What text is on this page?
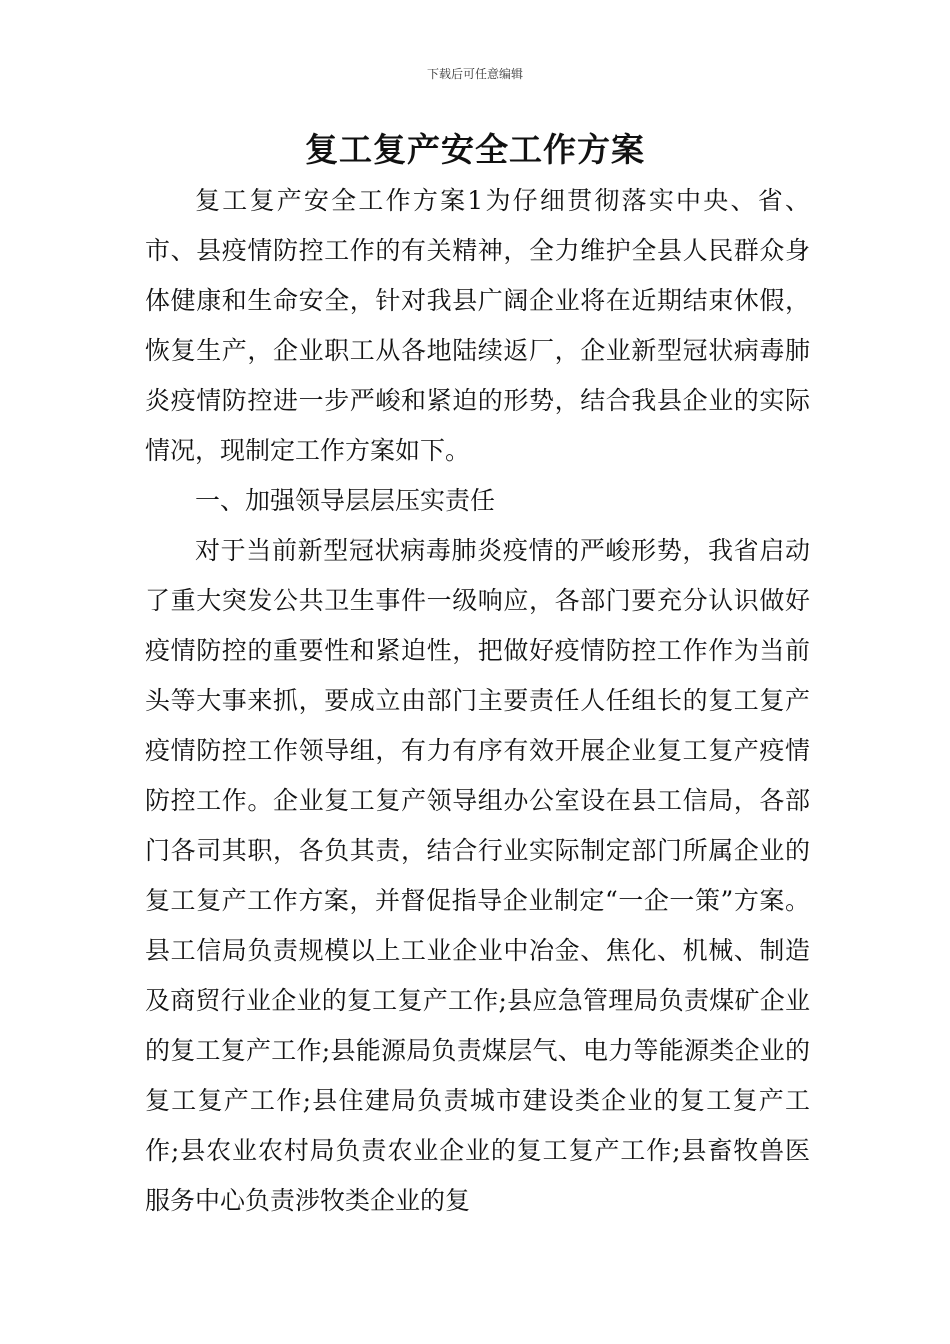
下载后可任意编辑
复工复产安全工作方案

复工复产安全工作方案1为仔细贯彻落实中央、省、市、县疫情防控工作的有关精神，全力维护全县人民群众身体健康和生命安全，针对我县广阔企业将在近期结束休假，恢复生产，企业职工从各地陆续返厂，企业新型冠状病毒肺炎疫情防控进一步严峻和紧迫的形势，结合我县企业的实际情况，现制定工作方案如下。

一、加强领导层层压实责任

对于当前新型冠状病毒肺炎疫情的严峻形势，我省启动了重大突发公共卫生事件一级响应，各部门要充分认识做好疫情防控的重要性和紧迫性，把做好疫情防控工作作为当前头等大事来抓，要成立由部门主要责任人任组长的复工复产疫情防控工作领导组，有力有序有效开展企业复工复产疫情防控工作。企业复工复产领导组办公室设在县工信局，各部门各司其职，各负其责，结合行业实际制定部门所属企业的复工复产工作方案，并督促指导企业制定“一企一策”方案。县工信局负责规模以上工业企业中冶金、焦化、机械、制造及商贸行业企业的复工复产工作;县应急管理局负责煤矿企业的复工复产工作;县能源局负责煤层气、电力等能源类企业的复工复产工作;县住建局负责城市建设类企业的复工复产工作;县农业农村局负责农业企业的复工复产工作;县畜牧兽医服务中心负责涉牧类企业的复
